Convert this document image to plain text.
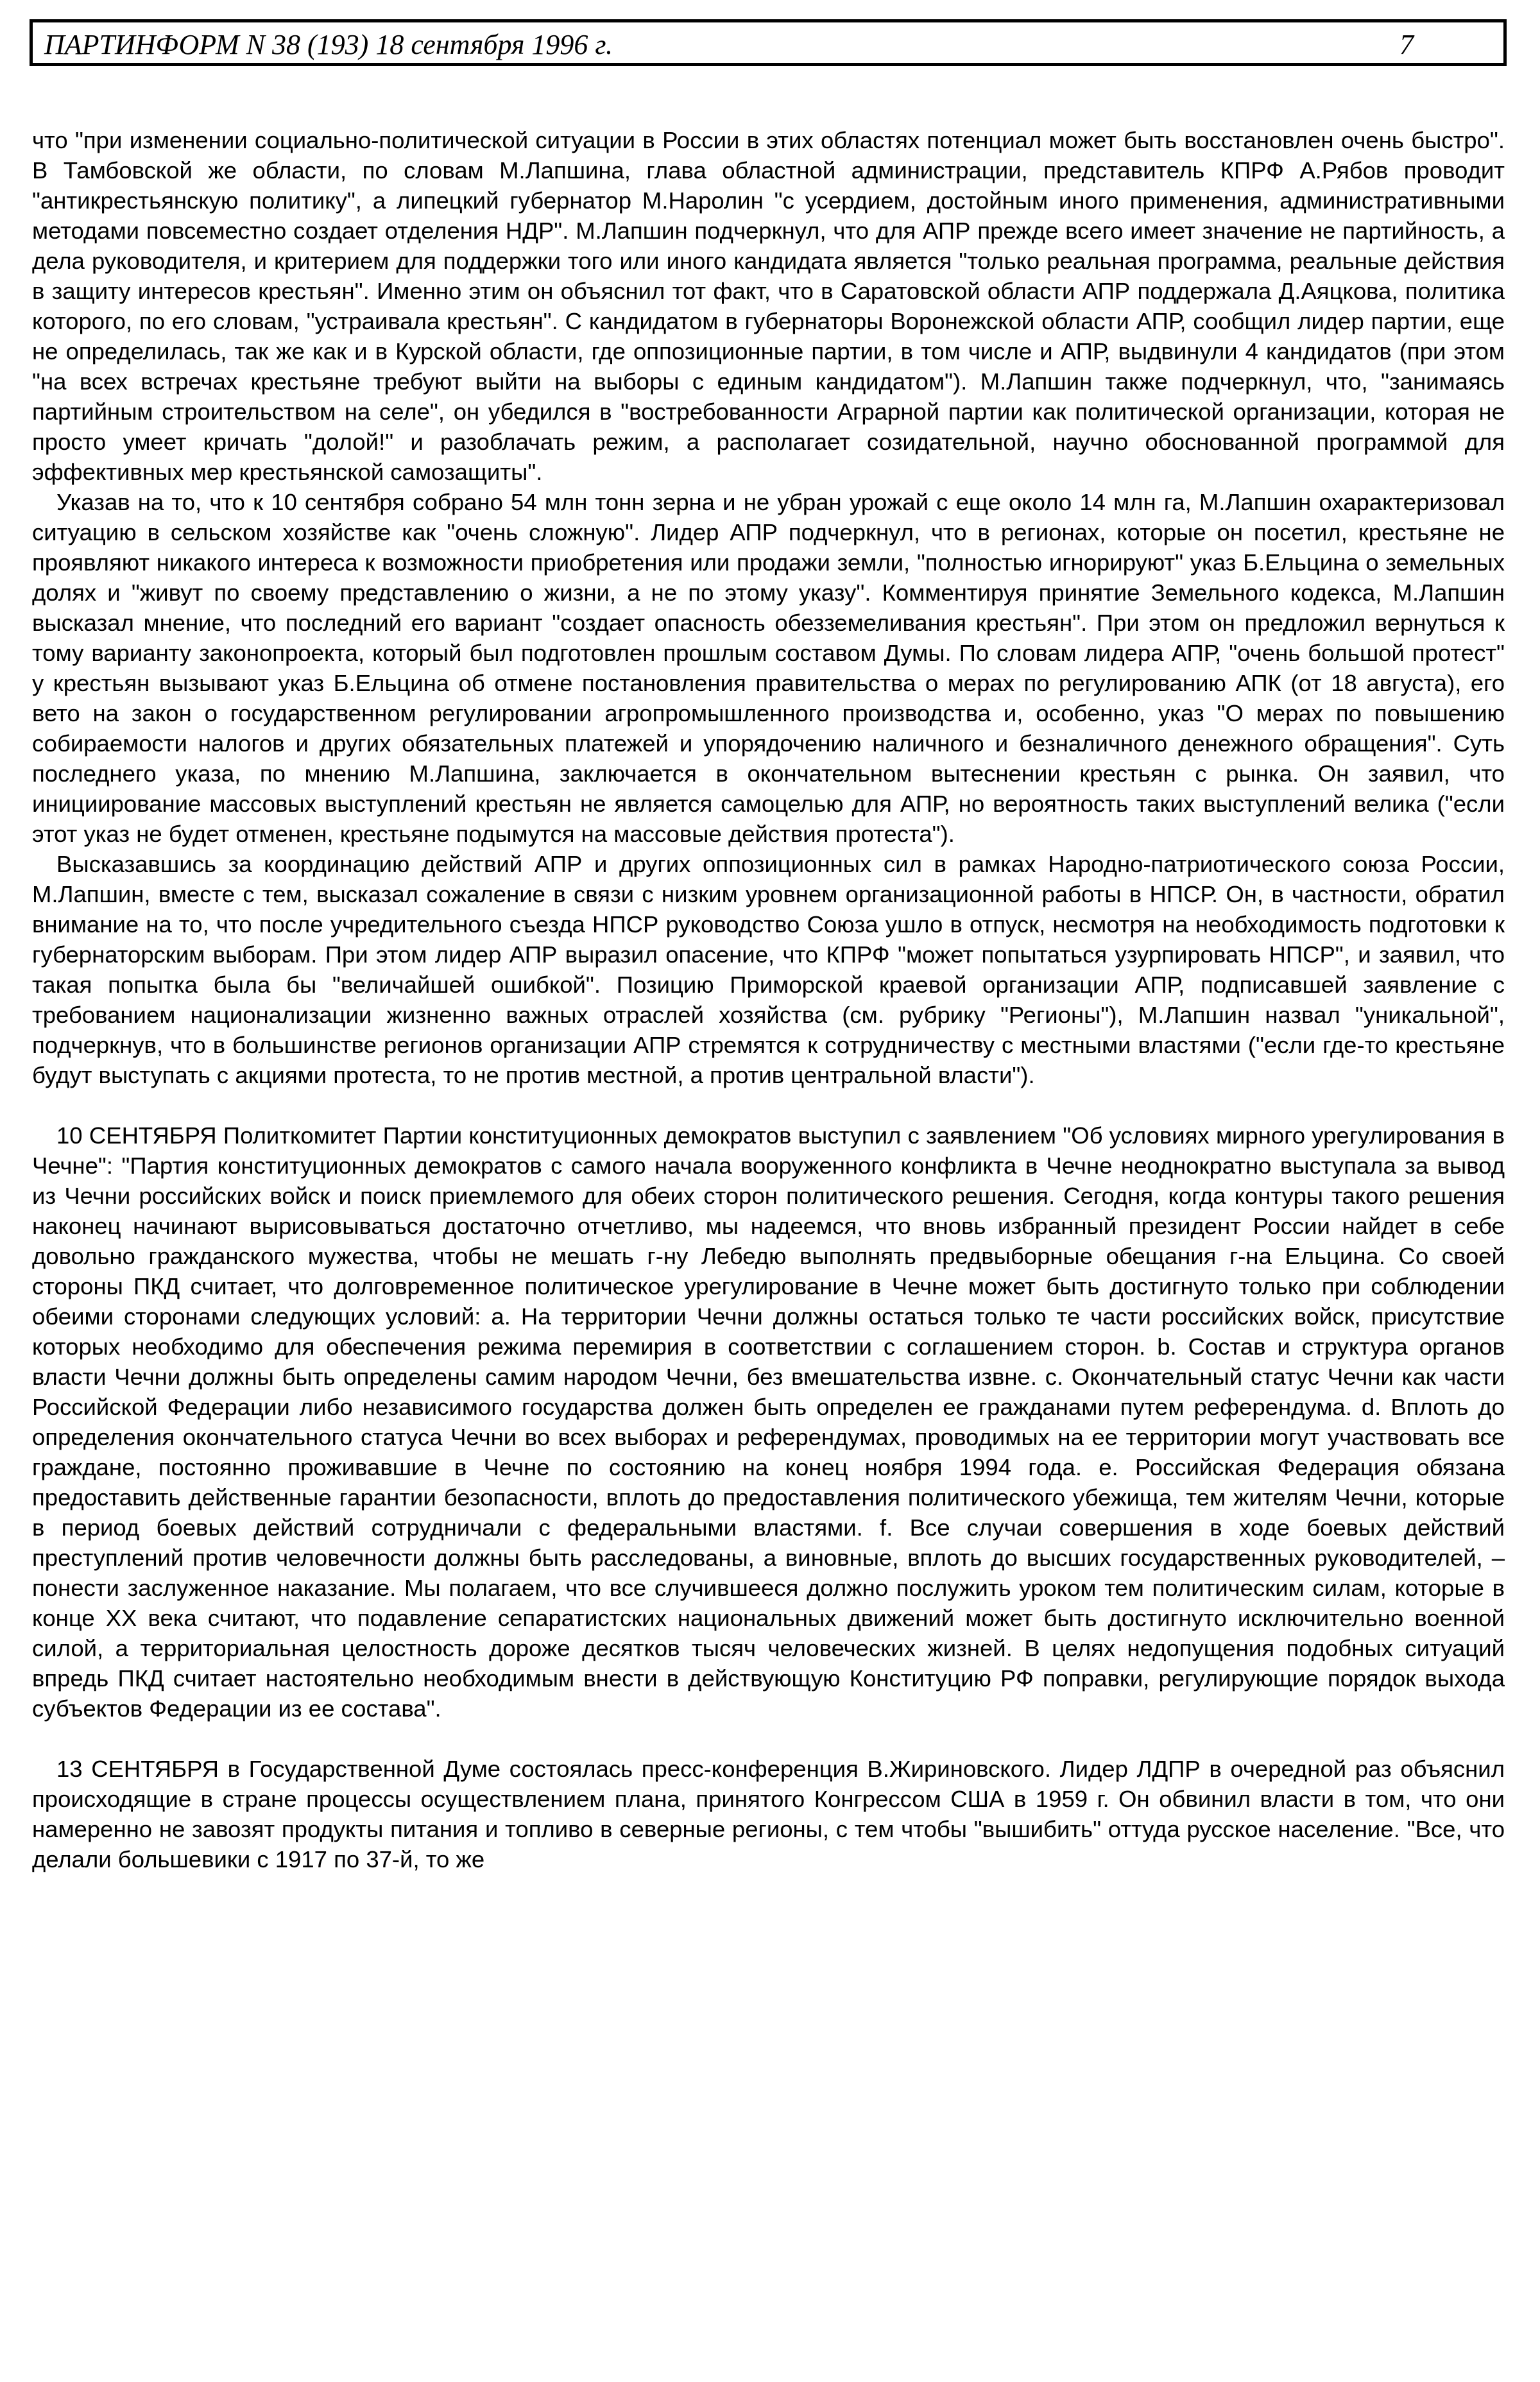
ПАРТИНФОРМ N 38 (193) 18 сентября 1996 г.	7

что "при изменении социально-политической ситуации в России в этих областях потенциал может быть восстановлен очень быстро". В Тамбовской же области, по словам М.Лапшина, глава областной администрации, представитель КПРФ А.Рябов проводит "антикрестьянскую политику", а липецкий губернатор М.Наролин "с усердием, достойным иного применения, административными методами повсеместно создает отделения НДР". М.Лапшин подчеркнул, что для АПР прежде всего имеет значение не партийность, а дела руководителя, и критерием для поддержки того или иного кандидата является "только реальная программа, реальные действия в защиту интересов крестьян". Именно этим он объяснил тот факт, что в Саратовской области АПР поддержала Д.Аяцкова, политика которого, по его словам, "устраивала крестьян". С кандидатом в губернаторы Воронежской области АПР, сообщил лидер партии, еще не определилась, так же как и в Курской области, где оппозиционные партии, в том числе и АПР, выдвинули 4 кандидатов (при этом "на всех встречах крестьяне требуют выйти на выборы с единым кандидатом"). М.Лапшин также подчеркнул, что, "занимаясь партийным строительством на селе", он убедился в "востребованности Аграрной партии как политической организации, которая не просто умеет кричать "долой!" и разоблачать режим, а располагает созидательной, научно обоснованной программой для эффективных мер крестьянской самозащиты".

Указав на то, что к 10 сентября собрано 54 млн тонн зерна и не убран урожай с еще около 14 млн га, М.Лапшин охарактеризовал ситуацию в сельском хозяйстве как "очень сложную". Лидер АПР подчеркнул, что в регионах, которые он посетил, крестьяне не проявляют никакого интереса к возможности приобретения или продажи земли, "полностью игнорируют" указ Б.Ельцина о земельных долях и "живут по своему представлению о жизни, а не по этому указу". Комментируя принятие Земельного кодекса, М.Лапшин высказал мнение, что последний его вариант "создает опасность обезземеливания крестьян". При этом он предложил вернуться к тому варианту законопроекта, который был подготовлен прошлым составом Думы. По словам лидера АПР, "очень большой протест" у крестьян вызывают указ Б.Ельцина об отмене постановления правительства о мерах по регулированию АПК (от 18 августа), его вето на закон о государственном регулировании агропромышленного производства и, особенно, указ "О мерах по повышению собираемости налогов и других обязательных платежей и упорядочению наличного и безналичного денежного обращения". Суть последнего указа, по мнению М.Лапшина, заключается в окончательном вытеснении крестьян с рынка. Он заявил, что инициирование массовых выступлений крестьян не является самоцелью для АПР, но вероятность таких выступлений велика ("если этот указ не будет отменен, крестьяне подымутся на массовые действия протеста").

Высказавшись за координацию действий АПР и других оппозиционных сил в рамках Народно-патриотического союза России, М.Лапшин, вместе с тем, высказал сожаление в связи с низким уровнем организационной работы в НПСР. Он, в частности, обратил внимание на то, что после учредительного съезда НПСР руководство Союза ушло в отпуск, несмотря на необходимость подготовки к губернаторским выборам. При этом лидер АПР выразил опасение, что КПРФ "может попытаться узурпировать НПСР", и заявил, что такая попытка была бы "величайшей ошибкой". Позицию Приморской краевой организации АПР, подписавшей заявление с требованием национализации жизненно важных отраслей хозяйства (см. рубрику "Регионы"), М.Лапшин назвал "уникальной", подчеркнув, что в большинстве регионов организации АПР стремятся к сотрудничеству с местными властями ("если где-то крестьяне будут выступать с акциями протеста, то не против местной, а против центральной власти").

10 СЕНТЯБРЯ Политкомитет Партии конституционных демократов выступил с заявлением "Об условиях мирного урегулирования в Чечне": "Партия конституционных демократов с самого начала вооруженного конфликта в Чечне неоднократно выступала за вывод из Чечни российских войск и поиск приемлемого для обеих сторон политического решения. Сегодня, когда контуры такого решения наконец начинают вырисовываться достаточно отчетливо, мы надеемся, что вновь избранный президент России найдет в себе довольно гражданского мужества, чтобы не мешать г-ну Лебедю выполнять предвыборные обещания г-на Ельцина. Со своей стороны ПКД считает, что долговременное политическое урегулирование в Чечне может быть достигнуто только при соблюдении обеими сторонами следующих условий: a. На территории Чечни должны остаться только те части российских войск, присутствие которых необходимо для обеспечения режима перемирия в соответствии с соглашением сторон. b. Состав и структура органов власти Чечни должны быть определены самим народом Чечни, без вмешательства извне. c. Окончательный статус Чечни как части Российской Федерации либо независимого государства должен быть определен ее гражданами путем референдума. d. Вплоть до определения окончательного статуса Чечни во всех выборах и референдумах, проводимых на ее территории могут участвовать все граждане, постоянно проживавшие в Чечне по состоянию на конец ноября 1994 года. e. Российская Федерация обязана предоставить действенные гарантии безопасности, вплоть до предоставления политического убежища, тем жителям Чечни, которые в период боевых действий сотрудничали с федеральными властями. f. Все случаи совершения в ходе боевых действий преступлений против человечности должны быть расследованы, а виновные, вплоть до высших государственных руководителей, – понести заслуженное наказание. Мы полагаем, что все случившееся должно послужить уроком тем политическим силам, которые в конце XX века считают, что подавление сепаратистских национальных движений может быть достигнуто исключительно военной силой, а территориальная целостность дороже десятков тысяч человеческих жизней. В целях недопущения подобных ситуаций впредь ПКД считает настоятельно необходимым внести в действующую Конституцию РФ поправки, регулирующие порядок выхода субъектов Федерации из ее состава".

13 СЕНТЯБРЯ в Государственной Думе состоялась пресс-конференция В.Жириновского. Лидер ЛДПР в очередной раз объяснил происходящие в стране процессы осуществлением плана, принятого Конгрессом США в 1959 г. Он обвинил власти в том, что они намеренно не завозят продукты питания и топливо в северные регионы, с тем чтобы "вышибить" оттуда русское население. "Все, что делали большевики с 1917 по 37-й, то же
